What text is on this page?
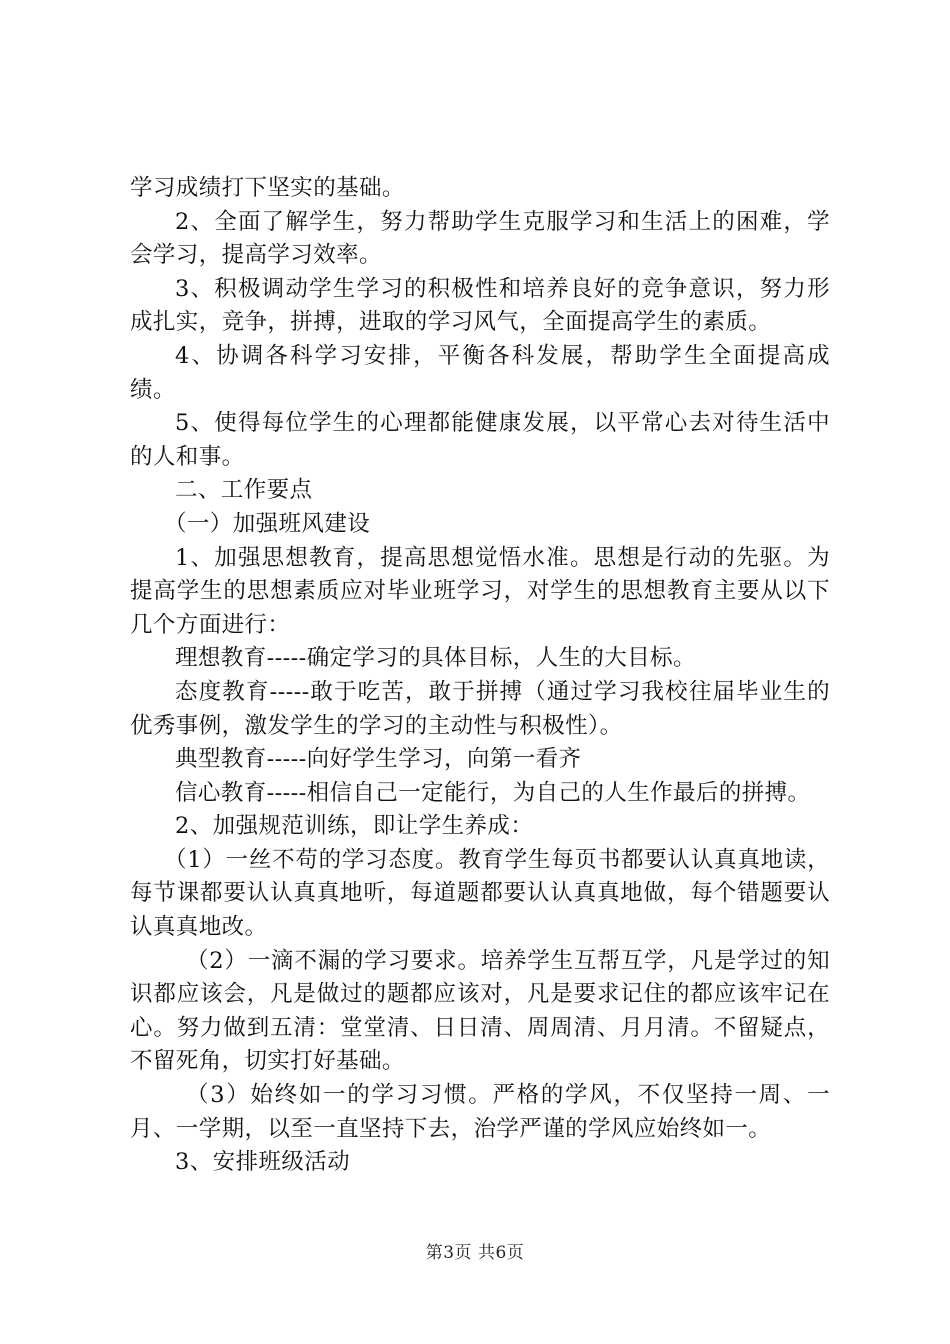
学习成绩打下坚实的基础。

2、全面了解学生，努力帮助学生克服学习和生活上的困难，学会学习，提高学习效率。

3、积极调动学生学习的积极性和培养良好的竞争意识，努力形成扎实，竞争，拼搏，进取的学习风气，全面提高学生的素质。

4、协调各科学习安排，平衡各科发展，帮助学生全面提高成绩。

5、使得每位学生的心理都能健康发展，以平常心去对待生活中的人和事。

二、工作要点

（一）加强班风建设

1、加强思想教育，提高思想觉悟水准。思想是行动的先驱。为提高学生的思想素质应对毕业班学习，对学生的思想教育主要从以下几个方面进行：

理想教育-----确定学习的具体目标，人生的大目标。

态度教育-----敢于吃苦，敢于拼搏（通过学习我校往届毕业生的优秀事例，激发学生的学习的主动性与积极性）。

典型教育-----向好学生学习，向第一看齐

信心教育-----相信自己一定能行，为自己的人生作最后的拼搏。

2、加强规范训练，即让学生养成：

（1）一丝不苟的学习态度。教育学生每页书都要认认真真地读，每节课都要认认真真地听，每道题都要认认真真地做，每个错题要认认真真地改。

（2）一滴不漏的学习要求。培养学生互帮互学，凡是学过的知识都应该会，凡是做过的题都应该对，凡是要求记住的都应该牢记在心。努力做到五清：堂堂清、日日清、周周清、月月清。不留疑点，不留死角，切实打好基础。

（3）始终如一的学习习惯。严格的学风，不仅坚持一周、一月、一学期，以至一直坚持下去，治学严谨的学风应始终如一。

3、安排班级活动

第3页 共6页
